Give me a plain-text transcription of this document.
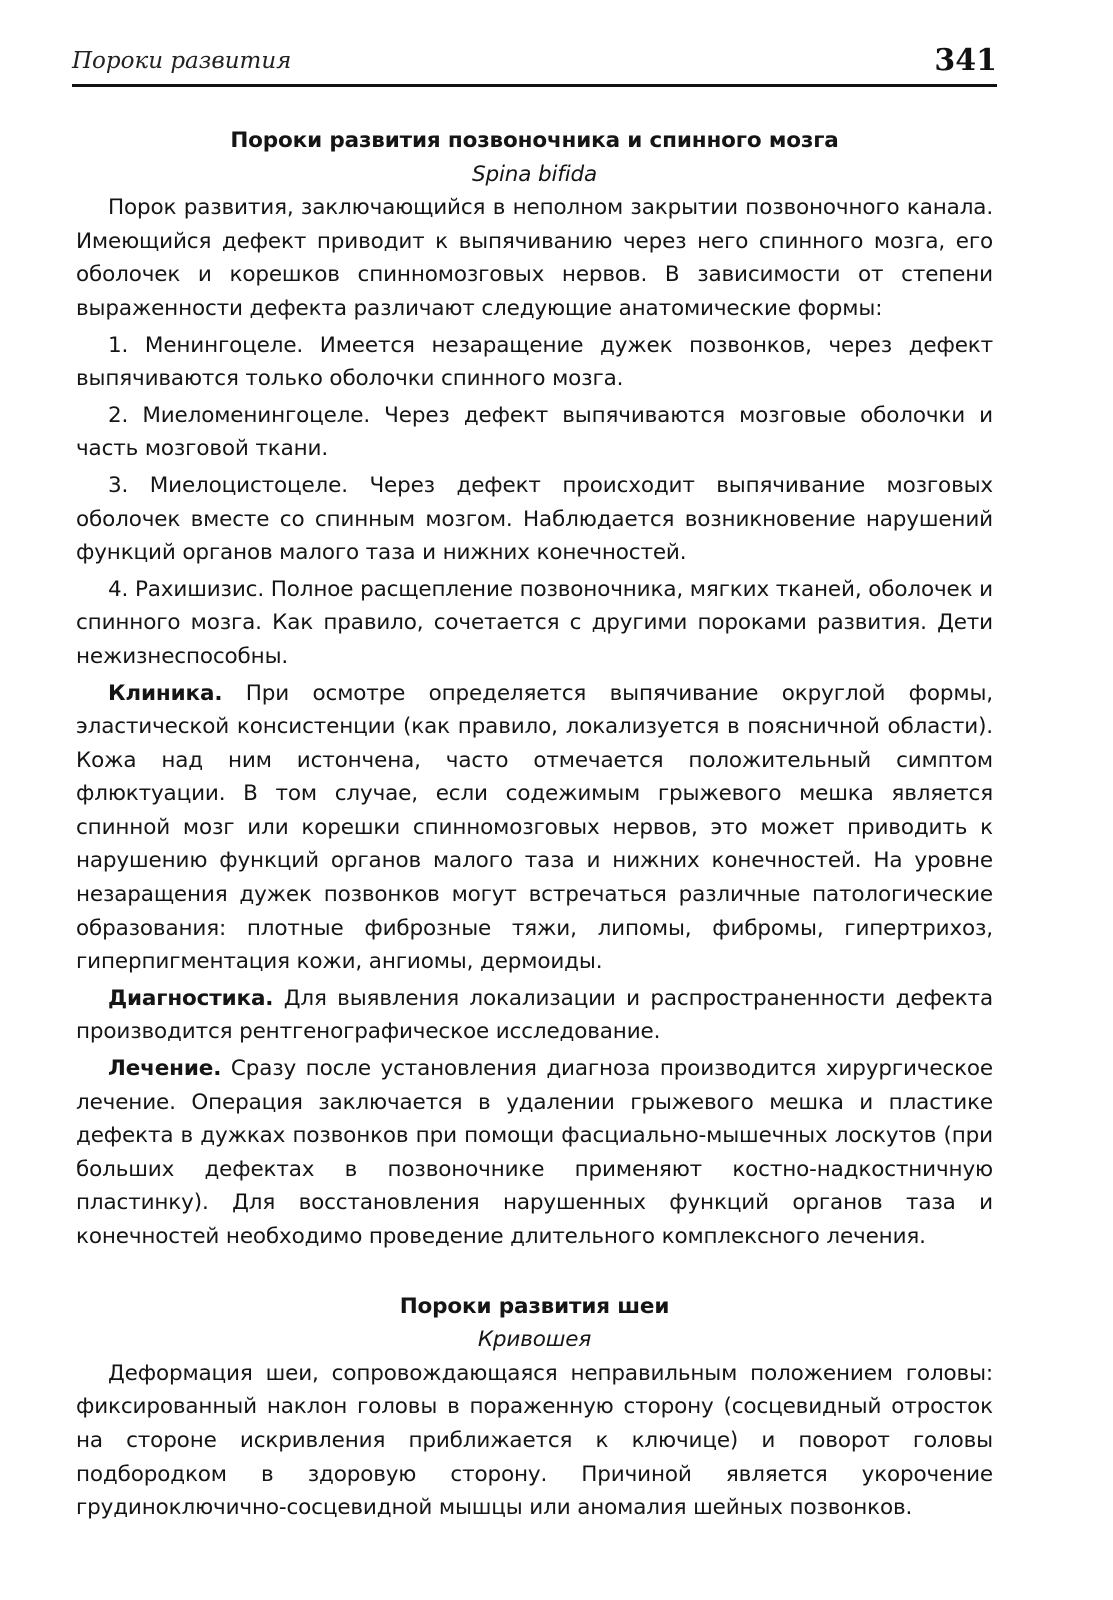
Пороки развития	341
Пороки развития позвоночника и спинного мозга
Spina bifida

Порок развития, заключающийся в неполном закрытии позвоночного канала. Имеющийся дефект приводит к выпячиванию через него спинного мозга, его оболочек и корешков спинномозговых нервов. В зависимости от степени выраженности дефекта различают следующие анатомические формы:

1. Менингоцеле. Имеется незаращение дужек позвонков, через дефект выпячиваются только оболочки спинного мозга.

2. Миеломенингоцеле. Через дефект выпячиваются мозговые оболочки и часть мозговой ткани.

3. Миелоцистоцеле. Через дефект происходит выпячивание мозговых оболочек вместе со спинным мозгом. Наблюдается возникновение нарушений функций органов малого таза и нижних конечностей.

4. Рахишизис. Полное расщепление позвоночника, мягких тканей, оболочек и спинного мозга. Как правило, сочетается с другими пороками развития. Дети нежизнеспособны.

Клиника. При осмотре определяется выпячивание округлой формы, эластической консистенции (как правило, локализуется в поясничной области). Кожа над ним истончена, часто отмечается положительный симптом флюктуации. В том случае, если содежимым грыжевого мешка является спинной мозг или корешки спинномозговых нервов, это может приводить к нарушению функций органов малого таза и нижних конечностей. На уровне незаращения дужек позвонков могут встречаться различные патологические образования: плотные фиброзные тяжи, липомы, фибромы, гипертрихоз, гиперпигментация кожи, ангиомы, дермоиды.

Диагностика. Для выявления локализации и распространенности дефекта производится рентгенографическое исследование.

Лечение. Сразу после установления диагноза производится хирургическое лечение. Операция заключается в удалении грыжевого мешка и пластике дефекта в дужках позвонков при помощи фасциально-мышечных лоскутов (при больших дефектах в позвоночнике применяют костно-надкостничную пластинку). Для восстановления нарушенных функций органов таза и конечностей необходимо проведение длительного комплексного лечения.

Пороки развития шеи
Кривошея

Деформация шеи, сопровождающаяся неправильным положением головы: фиксированный наклон головы в пораженную сторону (сосцевидный отросток на стороне искривления приближается к ключице) и поворот головы подбородком в здоровую сторону. Причиной является укорочение грудиноключично-сосцевидной мышцы или аномалия шейных позвонков.
